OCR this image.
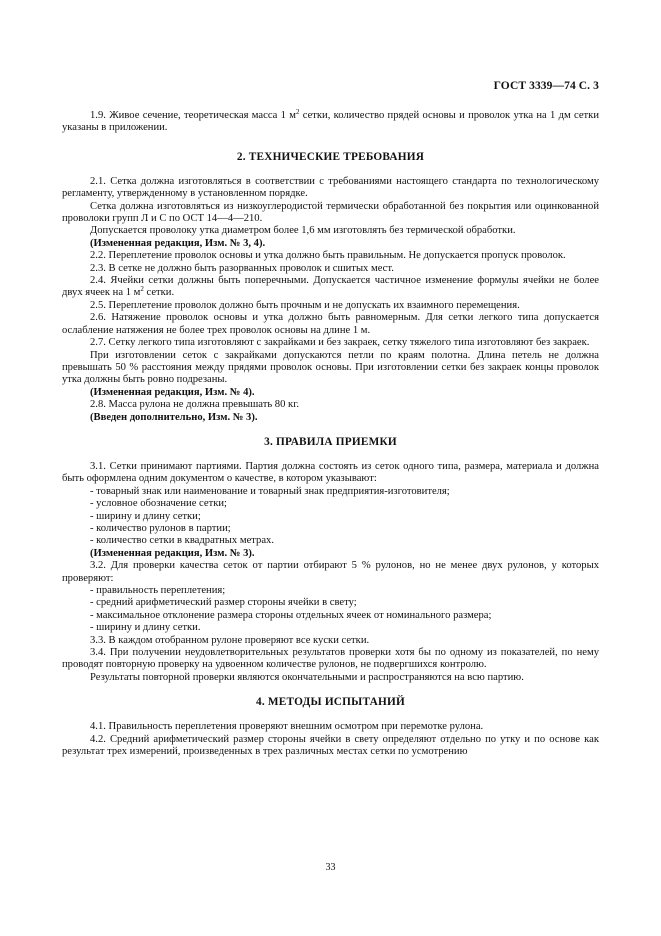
ГОСТ 3339—74 С. 3

1.9. Живое сечение, теоретическая масса 1 $м^2$ сетки, количество прядей основы и проволок утка на 1 дм сетки указаны в приложении.

2. ТЕХНИЧЕСКИЕ ТРЕБОВАНИЯ

2.1. Сетка должна изготовляться в соответствии с требованиями настоящего стандарта по технологическому регламенту, утвержденному в установленном порядке.

Сетка должна изготовляться из низкоуглеродистой термически обработанной без покрытия или оцинкованной проволоки групп Л и С по ОСТ 14—4—210.

Допускается проволоку утка диаметром более 1,6 мм изготовлять без термической обработки.

(Измененная редакция, Изм. № 3, 4).

2.2. Переплетение проволок основы и утка должно быть правильным. Не допускается пропуск проволок.

2.3. В сетке не должно быть разорванных проволок и сшитых мест.

2.4. Ячейки сетки должны быть поперечными. Допускается частичное изменение формулы ячейки не более двух ячеек на 1 $м^2$ сетки.

2.5. Переплетение проволок должно быть прочным и не допускать их взаимного перемещения.

2.6. Натяжение проволок основы и утка должно быть равномерным. Для сетки легкого типа допускается ослабление натяжения не более трех проволок основы на длине 1 м.

2.7. Сетку легкого типа изготовляют с закрайками и без закраек, сетку тяжелого типа изготовляют без закраек.

При изготовлении сеток с закрайками допускаются петли по краям полотна. Длина петель не должна превышать 50 % расстояния между прядями проволок основы. При изготовлении сетки без закраек концы проволок утка должны быть ровно подрезаны.

(Измененная редакция, Изм. № 4).

2.8. Масса рулона не должна превышать 80 кг.

(Введен дополнительно, Изм. № 3).

3. ПРАВИЛА ПРИЕМКИ

3.1. Сетки принимают партиями. Партия должна состоять из сеток одного типа, размера, материала и должна быть оформлена одним документом о качестве, в котором указывают:

- товарный знак или наименование и товарный знак предприятия-изготовителя;

- условное обозначение сетки;

- ширину и длину сетки;

- количество рулонов в партии;

- количество сетки в квадратных метрах.

(Измененная редакция, Изм. № 3).

3.2. Для проверки качества сеток от партии отбирают 5 % рулонов, но не менее двух рулонов, у которых проверяют:

- правильность переплетения;

- средний арифметический размер стороны ячейки в свету;

- максимальное отклонение размера стороны отдельных ячеек от номинального размера;

- ширину и длину сетки.

3.3. В каждом отобранном рулоне проверяют все куски сетки.

3.4. При получении неудовлетворительных результатов проверки хотя бы по одному из показателей, по нему проводят повторную проверку на удвоенном количестве рулонов, не подвергшихся контролю.

Результаты повторной проверки являются окончательными и распространяются на всю партию.

4. МЕТОДЫ ИСПЫТАНИЙ

4.1. Правильность переплетения проверяют внешним осмотром при перемотке рулона.

4.2. Средний арифметический размер стороны ячейки в свету определяют отдельно по утку и по основе как результат трех измерений, произведенных в трех различных местах сетки по усмотрению

33
